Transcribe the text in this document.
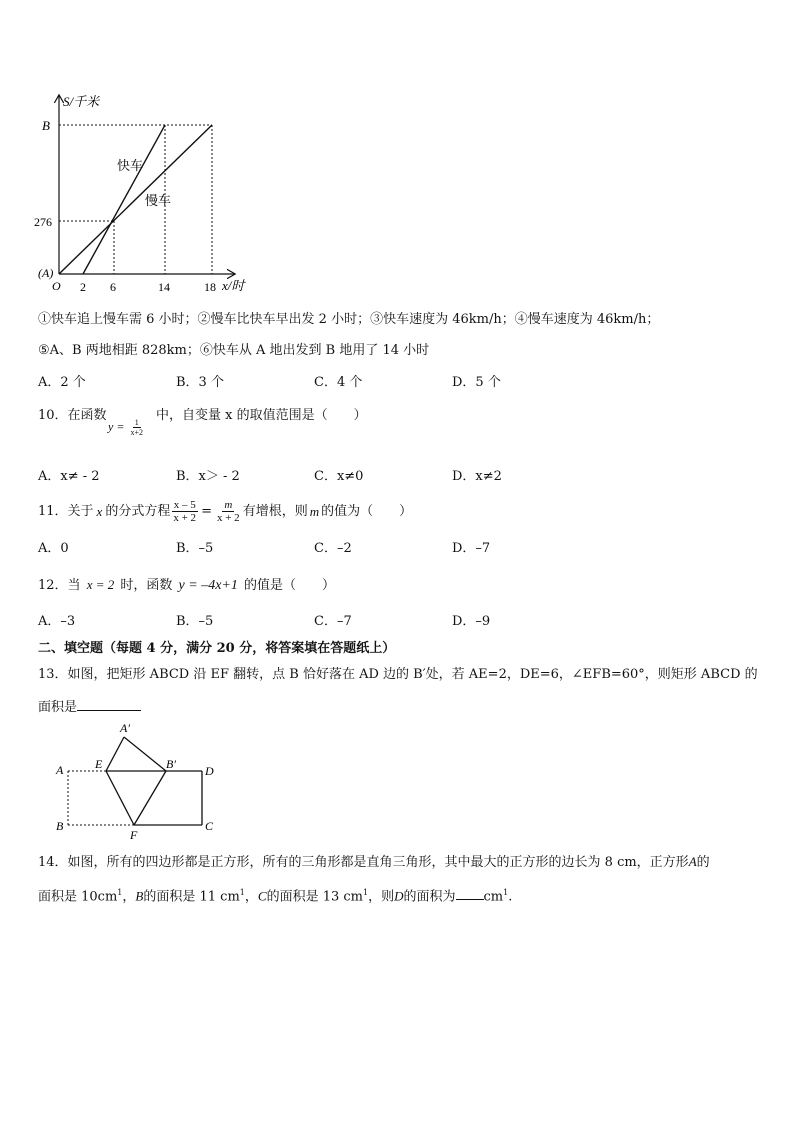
S/千米
B
276
(A)
O 2 6	14	18 x/时
快车
慢车
①快车追上慢车需 6 小时；②慢车比快车早出发 2 小时；③快车速度为 46km/h；④慢车速度为 46km/h；
⑤A、B 两地相距 828km；⑥快车从 A 地出发到 B 地用了 14 小时
A．2 个	B．3 个	C．4 个	D．5 个
10．在函数
$y = \frac{1}{x+2}$
中，自变量 x 的取值范围是（　　）
A．x≠ - 2	B．x＞ - 2	C．x≠0	D．x≠2
11．关于 x 的分式方程 $\frac{x - 5}{x + 2} = \frac{m}{x + 2}$ 有增根，则 m 的值为（　　）
A．0	B．–5	C．–2	D．–7
12．当 x = 2 时，函数 y = –4x+1 的值是（　　）
A．–3	B．–5	C．–7	D．–9
二、填空题（每题 4 分，满分 20 分，将答案填在答题纸上）
13．如图，把矩形 ABCD 沿 EF 翻转，点 B 恰好落在 AD 边的 B′处，若 AE=2，DE=6，∠EFB=60°，则矩形 ABCD 的
面积是
A′
A	E	B′ D
B
F
C
14．如图，所有的四边形都是正方形，所有的三角形都是直角三角形，其中最大的正方形的边长为 8 cm，正方形A的
面积是 $10cm^1$，B的面积是 11 $cm^1$，C的面积是 13 $cm^1$，则D的面积为 $cm^1$.
